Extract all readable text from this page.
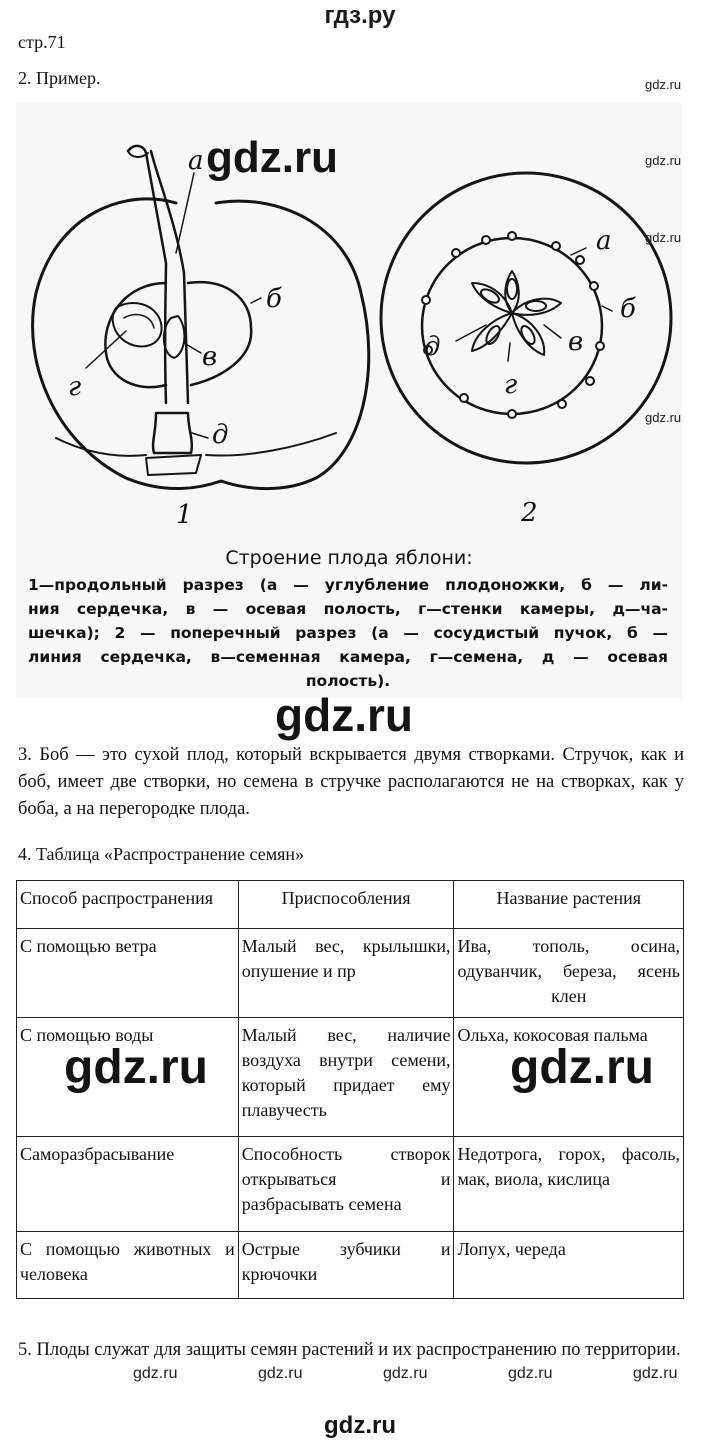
гдз.ру
стр.71
2. Пример.	gdz.ru
а
б
в
г
д
1
а
б
в
д
г
2
Строение плода яблони:
1—продольный разрез (а — углубление плодоножки, б — ли-
ния сердечка, в — осевая полость, г—стенки камеры, д—ча-
шечка); 2 — поперечный разрез (а — сосудистый пучок, б —
линия сердечка, в—семенная камера, г—семена, д — осевая
полость).
gdz.ru	gdz.ru
gdz.ru
gdz.ru
gdz.ru
3. Боб — это сухой плод, который вскрывается двумя створками. Стручок, как и боб, имеет две створки, но семена в стручке располагаются не на створках, как у боба, а на перегородке плода.
4. Таблица «Распространение семян»
Способ распространения	Приспособления	Название растения
С помощью ветра	Малый вес, крылышки, опушение и пр	Ива, тополь, осина, одуванчик, береза, ясень клен
С помощью воды	Малый вес, наличие воздуха внутри семени, который придает ему плавучесть	Ольха, кокосовая пальма
Саморазбрасывание	Способность створок открываться и разбрасывать семена	Недотрога, горох, фасоль, мак, виола, кислица
С помощью животных и человека	Острые зубчики и крючочки	Лопух, череда
gdz.ru	gdz.ru
5. Плоды служат для защиты семян растений и их распространению по территории.
gdz.ru	gdz.ru	gdz.ru	gdz.ru	gdz.ru
gdz.ru
